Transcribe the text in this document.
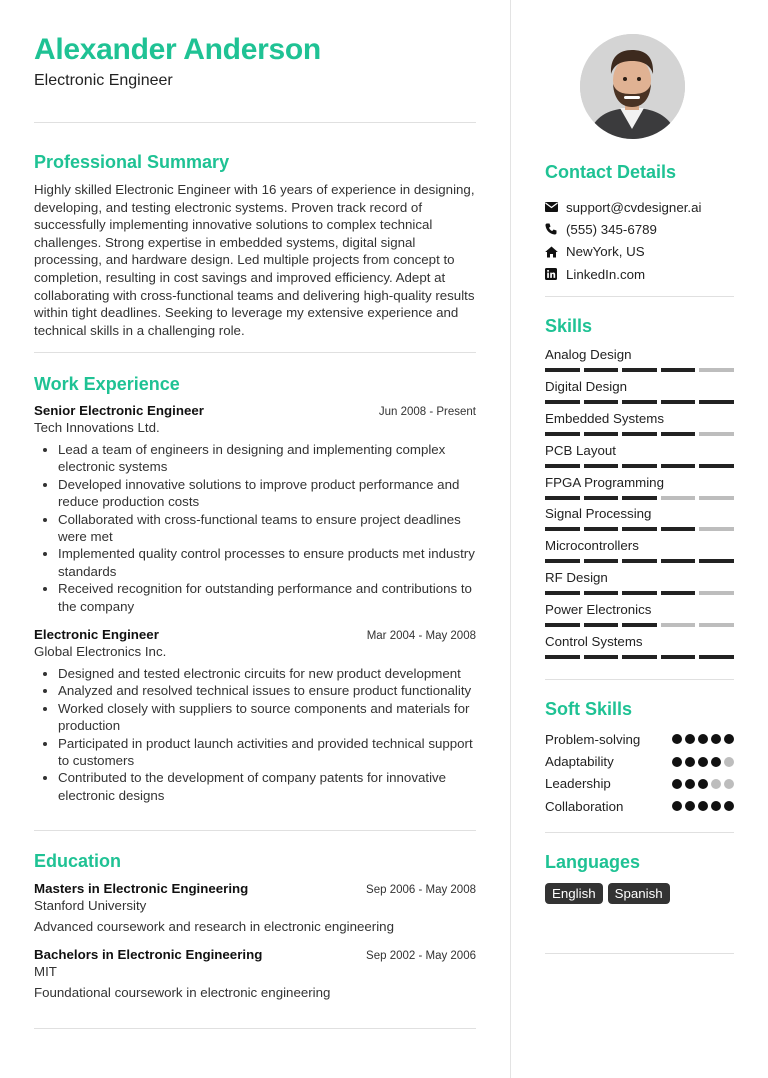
Alexander Anderson
Electronic Engineer
Professional Summary
Highly skilled Electronic Engineer with 16 years of experience in designing, developing, and testing electronic systems. Proven track record of successfully implementing innovative solutions to complex technical challenges. Strong expertise in embedded systems, digital signal processing, and hardware design. Led multiple projects from concept to completion, resulting in cost savings and improved efficiency. Adept at collaborating with cross-functional teams and delivering high-quality results within tight deadlines. Seeking to leverage my extensive experience and technical skills in a challenging role.
Work Experience
Senior Electronic Engineer	Jun 2008 - Present
Tech Innovations Ltd.
• Lead a team of engineers in designing and implementing complex electronic systems
• Developed innovative solutions to improve product performance and reduce production costs
• Collaborated with cross-functional teams to ensure project deadlines were met
• Implemented quality control processes to ensure products met industry standards
• Received recognition for outstanding performance and contributions to the company
Electronic Engineer	Mar 2004 - May 2008
Global Electronics Inc.
• Designed and tested electronic circuits for new product development
• Analyzed and resolved technical issues to ensure product functionality
• Worked closely with suppliers to source components and materials for production
• Participated in product launch activities and provided technical support to customers
• Contributed to the development of company patents for innovative electronic designs
Education
Masters in Electronic Engineering	Sep 2006 - May 2008
Stanford University
Advanced coursework and research in electronic engineering
Bachelors in Electronic Engineering	Sep 2002 - May 2006
MIT
Foundational coursework in electronic engineering
Contact Details
support@cvdesigner.ai
(555) 345-6789
NewYork, US
LinkedIn.com
Skills
Analog Design
Digital Design
Embedded Systems
PCB Layout
FPGA Programming
Signal Processing
Microcontrollers
RF Design
Power Electronics
Control Systems
Soft Skills
Problem-solving
Adaptability
Leadership
Collaboration
Languages
English	Spanish
